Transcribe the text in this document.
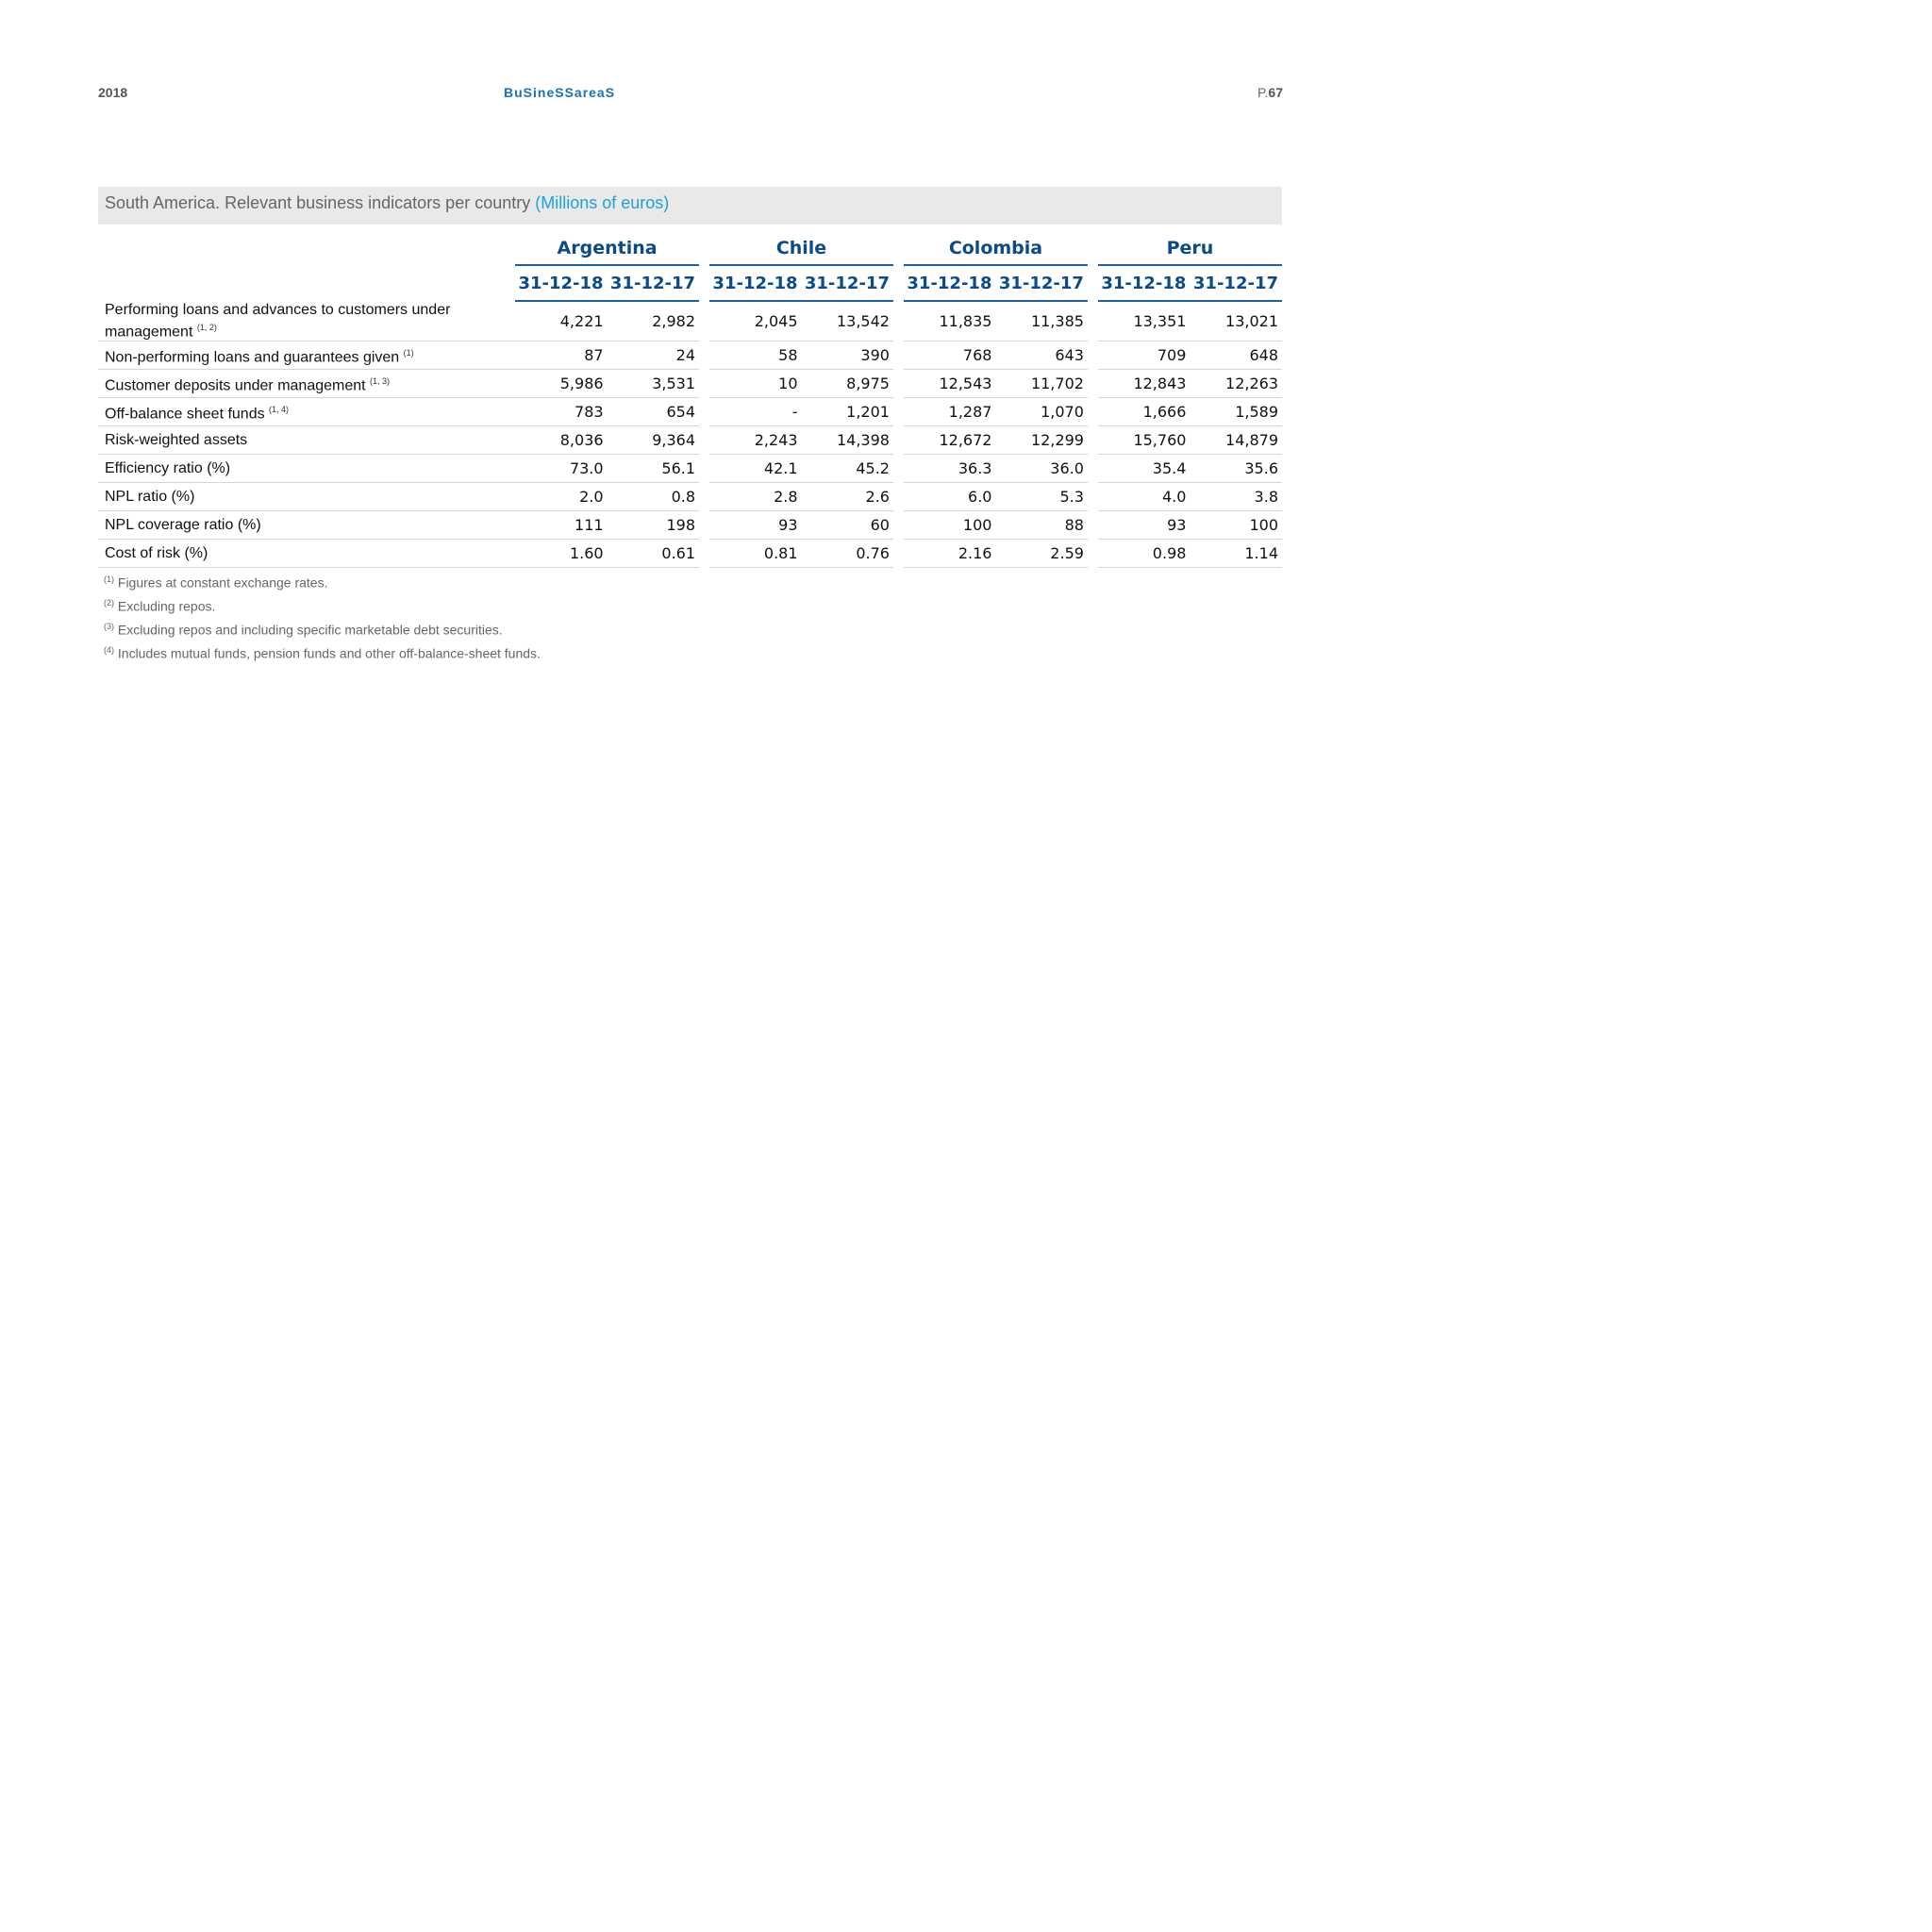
2018	BuSineSSareaS	P.67
South America. Relevant business indicators per country (Millions of euros)
	Argentina			Chile			Colombia			Peru	
	31-12-18	31-12-17		31-12-18	31-12-17		31-12-18	31-12-17		31-12-18	31-12-17
Performing loans and advances to customers under management $^{(1, 2)}$	4,221	2,982		2,045	13,542		11,835	11,385		13,351	13,021
Non-performing loans and guarantees given $^{(1)}$	87	24		58	390		768	643		709	648
Customer deposits under management $^{(1, 3)}$	5,986	3,531		10	8,975		12,543	11,702		12,843	12,263
Off-balance sheet funds $^{(1, 4)}$	783	654		-	1,201		1,287	1,070		1,666	1,589
Risk-weighted assets	8,036	9,364		2,243	14,398		12,672	12,299		15,760	14,879
Efficiency ratio (%)	73.0	56.1		42.1	45.2		36.3	36.0		35.4	35.6
NPL ratio (%)	2.0	0.8		2.8	2.6		6.0	5.3		4.0	3.8
NPL coverage ratio (%)	111	198		93	60		100	88		93	100
Cost of risk (%)	1.60	0.61		0.81	0.76		2.16	2.59		0.98	1.14
$^{(1)}$ Figures at constant exchange rates.
$^{(2)}$ Excluding repos.
$^{(3)}$ Excluding repos and including specific marketable debt securities.
$^{(4)}$ Includes mutual funds, pension funds and other off-balance-sheet funds.
